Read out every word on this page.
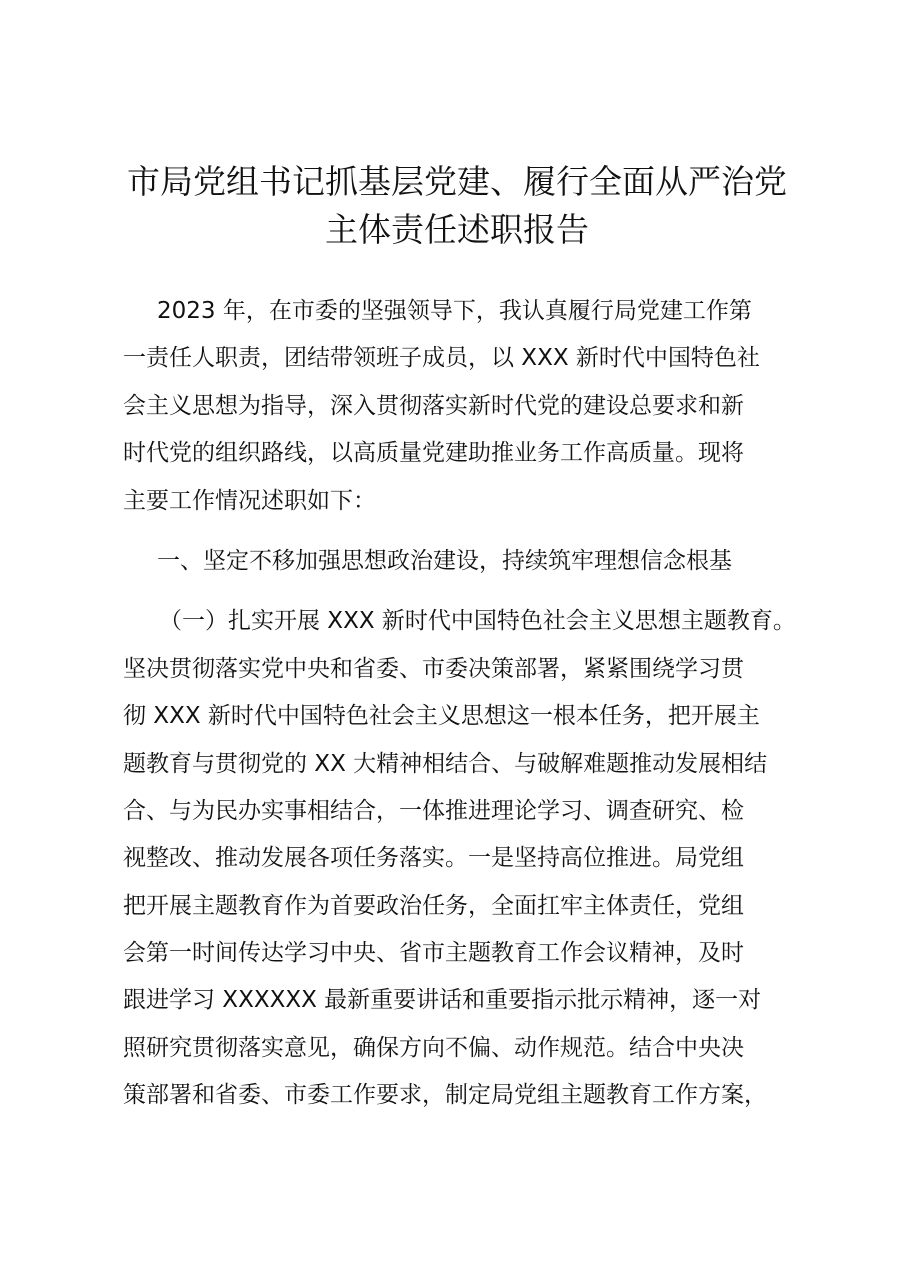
市局党组书记抓基层党建、履行全面从严治党
主体责任述职报告
2023 年，在市委的坚强领导下，我认真履行局党建工作第
一责任人职责，团结带领班子成员，以 XXX 新时代中国特色社
会主义思想为指导，深入贯彻落实新时代党的建设总要求和新
时代党的组织路线，以高质量党建助推业务工作高质量。现将
主要工作情况述职如下：
一、坚定不移加强思想政治建设，持续筑牢理想信念根基
（一）扎实开展 XXX 新时代中国特色社会主义思想主题教育。
坚决贯彻落实党中央和省委、市委决策部署，紧紧围绕学习贯
彻 XXX 新时代中国特色社会主义思想这一根本任务，把开展主
题教育与贯彻党的 XX 大精神相结合、与破解难题推动发展相结
合、与为民办实事相结合，一体推进理论学习、调查研究、检
视整改、推动发展各项任务落实。一是坚持高位推进。局党组
把开展主题教育作为首要政治任务，全面扛牢主体责任，党组
会第一时间传达学习中央、省市主题教育工作会议精神，及时
跟进学习 XXXXXX 最新重要讲话和重要指示批示精神，逐一对
照研究贯彻落实意见，确保方向不偏、动作规范。结合中央决
策部署和省委、市委工作要求，制定局党组主题教育工作方案，
